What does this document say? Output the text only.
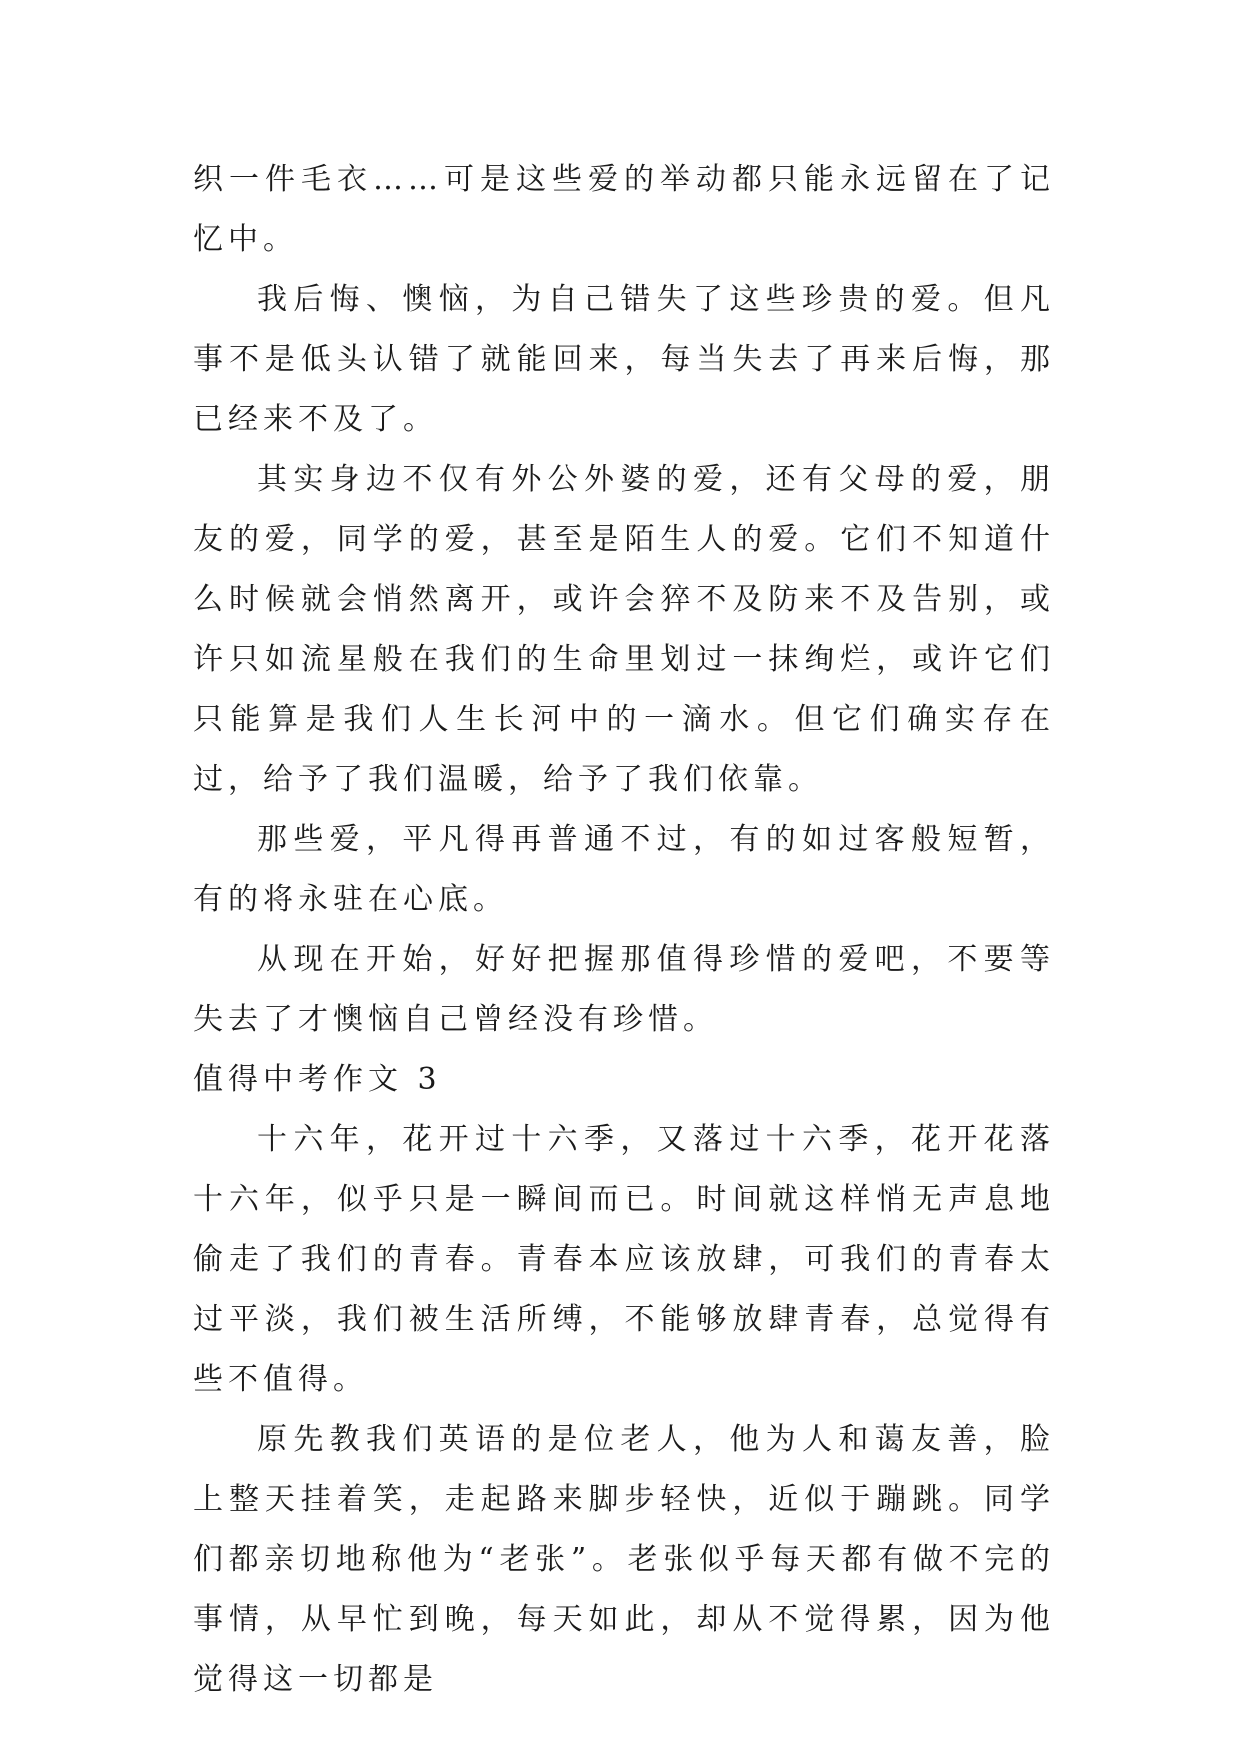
织一件毛衣……可是这些爱的举动都只能永远留在了记忆中。

我后悔、懊恼，为自己错失了这些珍贵的爱。但凡事不是低头认错了就能回来，每当失去了再来后悔，那已经来不及了。

其实身边不仅有外公外婆的爱，还有父母的爱，朋友的爱，同学的爱，甚至是陌生人的爱。它们不知道什么时候就会悄然离开，或许会猝不及防来不及告别，或许只如流星般在我们的生命里划过一抹绚烂，或许它们只能算是我们人生长河中的一滴水。但它们确实存在过，给予了我们温暖，给予了我们依靠。

那些爱，平凡得再普通不过，有的如过客般短暂，有的将永驻在心底。

从现在开始，好好把握那值得珍惜的爱吧，不要等失去了才懊恼自己曾经没有珍惜。

值得中考作文 3

十六年，花开过十六季，又落过十六季，花开花落十六年，似乎只是一瞬间而已。时间就这样悄无声息地偷走了我们的青春。青春本应该放肆，可我们的青春太过平淡，我们被生活所缚，不能够放肆青春，总觉得有些不值得。

原先教我们英语的是位老人，他为人和蔼友善，脸上整天挂着笑，走起路来脚步轻快，近似于蹦跳。同学们都亲切地称他为“老张”。老张似乎每天都有做不完的事情，从早忙到晚，每天如此，却从不觉得累，因为他觉得这一切都是
